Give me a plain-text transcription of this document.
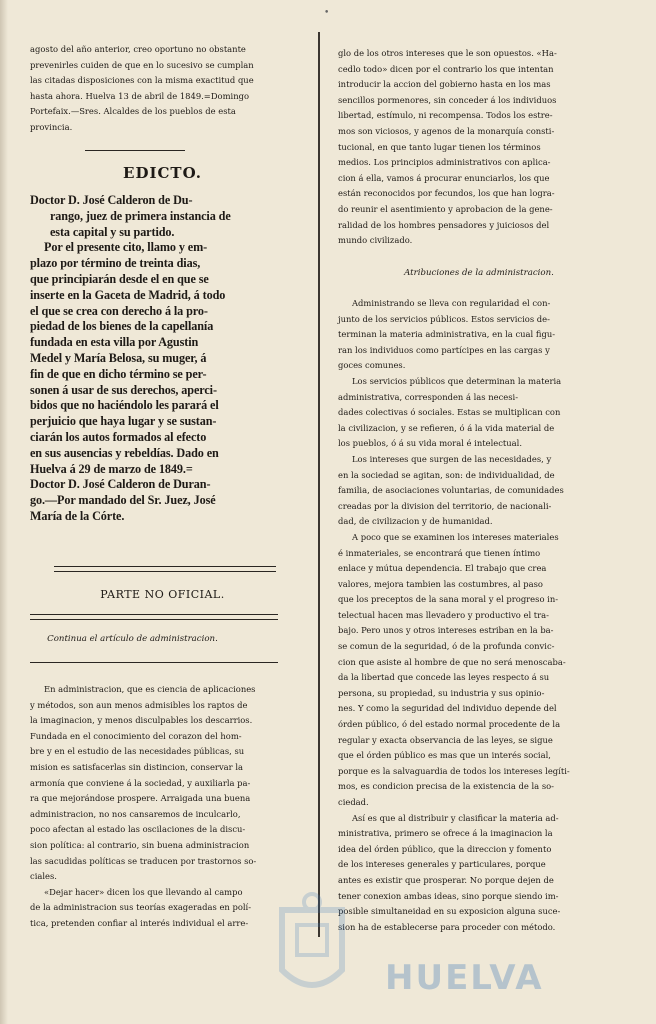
•

agosto del año anterior, creo oportuno no obstante

prevenirles cuiden de que en lo sucesivo se cumplan

las citadas disposiciones con la misma exactitud que

hasta ahora. Huelva 13 de abril de 1849.=Domingo

Portefaix.—Sres. Alcaldes de los pueblos de esta

provincia.

EDICTO.

Doctor D. José Calderon de Du-

rango, juez de primera instancia de

esta capital y su partido.

Por el presente cito, llamo y em-

plazo por término de treinta dias,

que principiarán desde el en que se

inserte en la Gaceta de Madrid, á todo

el que se crea con derecho á la pro-

piedad de los bienes de la capellanía

fundada en esta villa por Agustin

Medel y María Belosa, su muger, á

fin de que en dicho término se per-

sonen á usar de sus derechos, aperci-

bidos que no haciéndolo les parará el

perjuicio que haya lugar y se sustan-

ciarán los autos formados al efecto

en sus ausencias y rebeldías. Dado en

Huelva á 29 de marzo de 1849.=

Doctor D. José Calderon de Duran-

go.—Por mandado del Sr. Juez, José

María de la Córte.

PARTE NO OFICIAL.

Continua el artículo de administracion.

En administracion, que es ciencia de aplicaciones

y métodos, son aun menos admisibles los raptos de

la imaginacion, y menos disculpables los descarrios.

Fundada en el conocimiento del corazon del hom-

bre y en el estudio de las necesidades públicas, su

mision es satisfacerlas sin distincion, conservar la

armonía que conviene á la sociedad, y auxiliarla pa-

ra que mejorándose prospere. Arraigada una buena

administracion, no nos cansaremos de inculcarlo,

poco afectan al estado las oscilaciones de la discu-

sion política: al contrario, sin buena administracion

las sacudidas políticas se traducen por trastornos so-

ciales.

«Dejar hacer» dicen los que llevando al campo

de la administracion sus teorías exageradas en polí-

tica, pretenden confiar al interés individual el arre-

glo de los otros intereses que le son opuestos. «Ha-

cedlo todo» dicen por el contrario los que intentan

introducir la accion del gobierno hasta en los mas

sencillos pormenores, sin conceder á los individuos

libertad, estímulo, ni recompensa. Todos los estre-

mos son viciosos, y agenos de la monarquía consti-

tucional, en que tanto lugar tienen los términos

medios. Los principios administrativos con aplica-

cion á ella, vamos á procurar enunciarlos, los que

están reconocidos por fecundos, los que han logra-

do reunir el asentimiento y aprobacion de la gene-

ralidad de los hombres pensadores y juiciosos del

mundo civilizado.

Atribuciones de la administracion.

Administrando se lleva con regularidad el con-

junto de los servicios públicos. Estos servicios de-

terminan la materia administrativa, en la cual figu-

ran los individuos como partícipes en las cargas y

goces comunes.

Los servicios públicos que determinan la materia

administrativa, corresponden á las necesi-

dades colectivas ó sociales. Estas se multiplican con

la civilizacion, y se refieren, ó á la vida material de

los pueblos, ó á su vida moral é intelectual.

Los intereses que surgen de las necesidades, y

en la sociedad se agitan, son: de individualidad, de

familia, de asociaciones voluntarias, de comunidades

creadas por la division del territorio, de nacionali-

dad, de civilizacion y de humanidad.

A poco que se examinen los intereses materiales

é inmateriales, se encontrará que tienen íntimo

enlace y mútua dependencia. El trabajo que crea

valores, mejora tambien las costumbres, al paso

que los preceptos de la sana moral y el progreso in-

telectual hacen mas llevadero y productivo el tra-

bajo. Pero unos y otros intereses estriban en la ba-

se comun de la seguridad, ó de la profunda convic-

cion que asiste al hombre de que no será menoscaba-

da la libertad que concede las leyes respecto á su

persona, su propiedad, su industria y sus opinio-

nes. Y como la seguridad del individuo depende del

órden público, ó del estado normal procedente de la

regular y exacta observancia de las leyes, se sigue

que el órden público es mas que un interés social,

porque es la salvaguardia de todos los intereses legíti-

mos, es condicion precisa de la existencia de la so-

ciedad.

Así es que al distribuir y clasificar la materia ad-

ministrativa, primero se ofrece á la imaginacion la

idea del órden público, que la direccion y fomento

de los intereses generales y particulares, porque

antes es existir que prosperar. No porque dejen de

tener conexion ambas ideas, sino porque siendo im-

posible simultaneidad en su exposicion alguna suce-

sion ha de establecerse para proceder con método.

HUELVA
